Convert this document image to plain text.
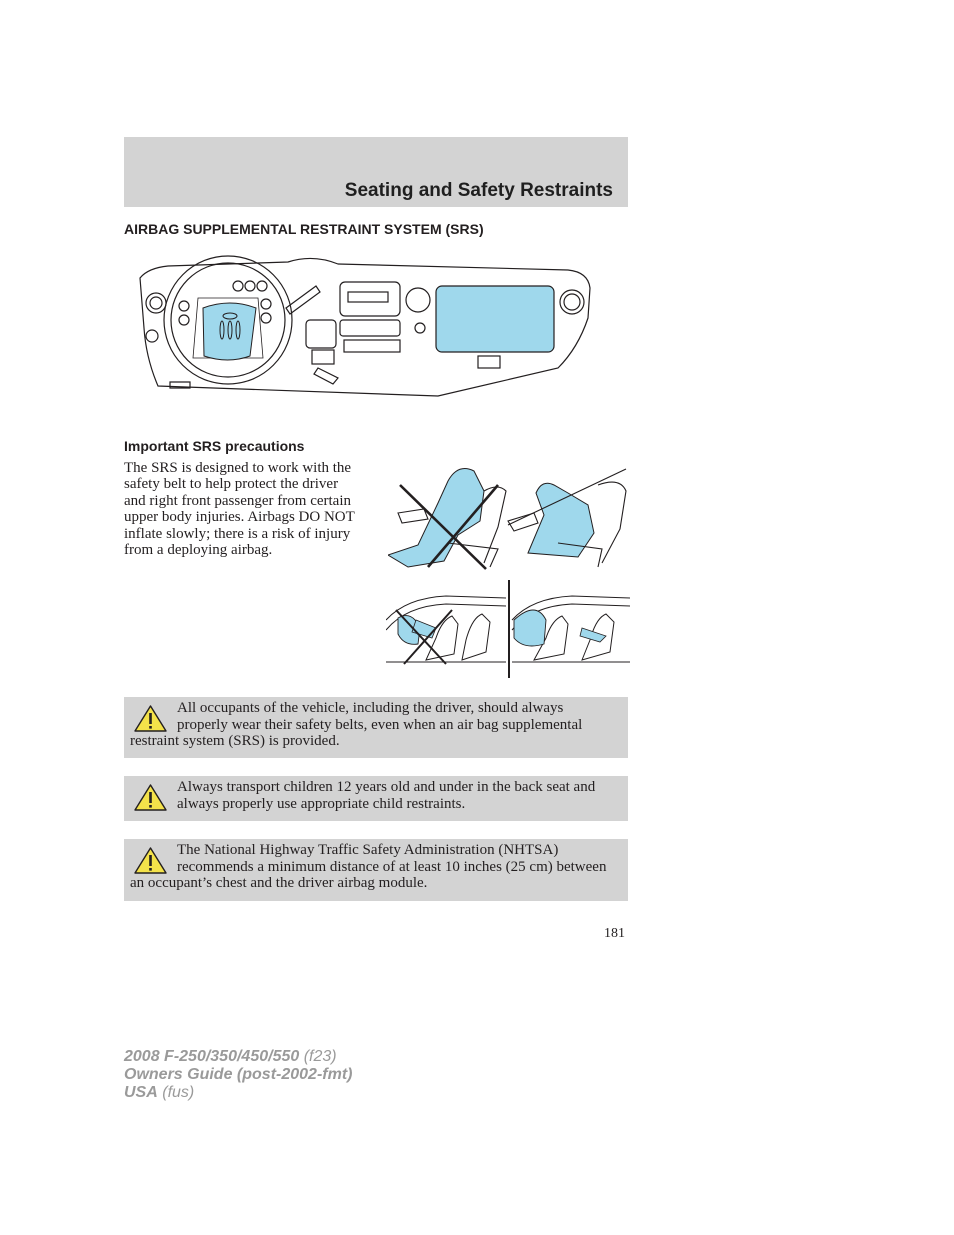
Seating and Safety Restraints
AIRBAG SUPPLEMENTAL RESTRAINT SYSTEM (SRS)
Important SRS precautions
The SRS is designed to work with the safety belt to help protect the driver and right front passenger from certain upper body injuries. Airbags DO NOT inflate slowly; there is a risk of injury from a deploying airbag.
All occupants of the vehicle, including the driver, should always properly wear their safety belts, even when an air bag supplemental restraint system (SRS) is provided.
Always transport children 12 years old and under in the back seat and always properly use appropriate child restraints.
The National Highway Traffic Safety Administration (NHTSA) recommends a minimum distance of at least 10 inches (25 cm) between an occupant’s chest and the driver airbag module.
181
2008 F-250/350/450/550 (f23)
Owners Guide (post-2002-fmt)
USA (fus)
